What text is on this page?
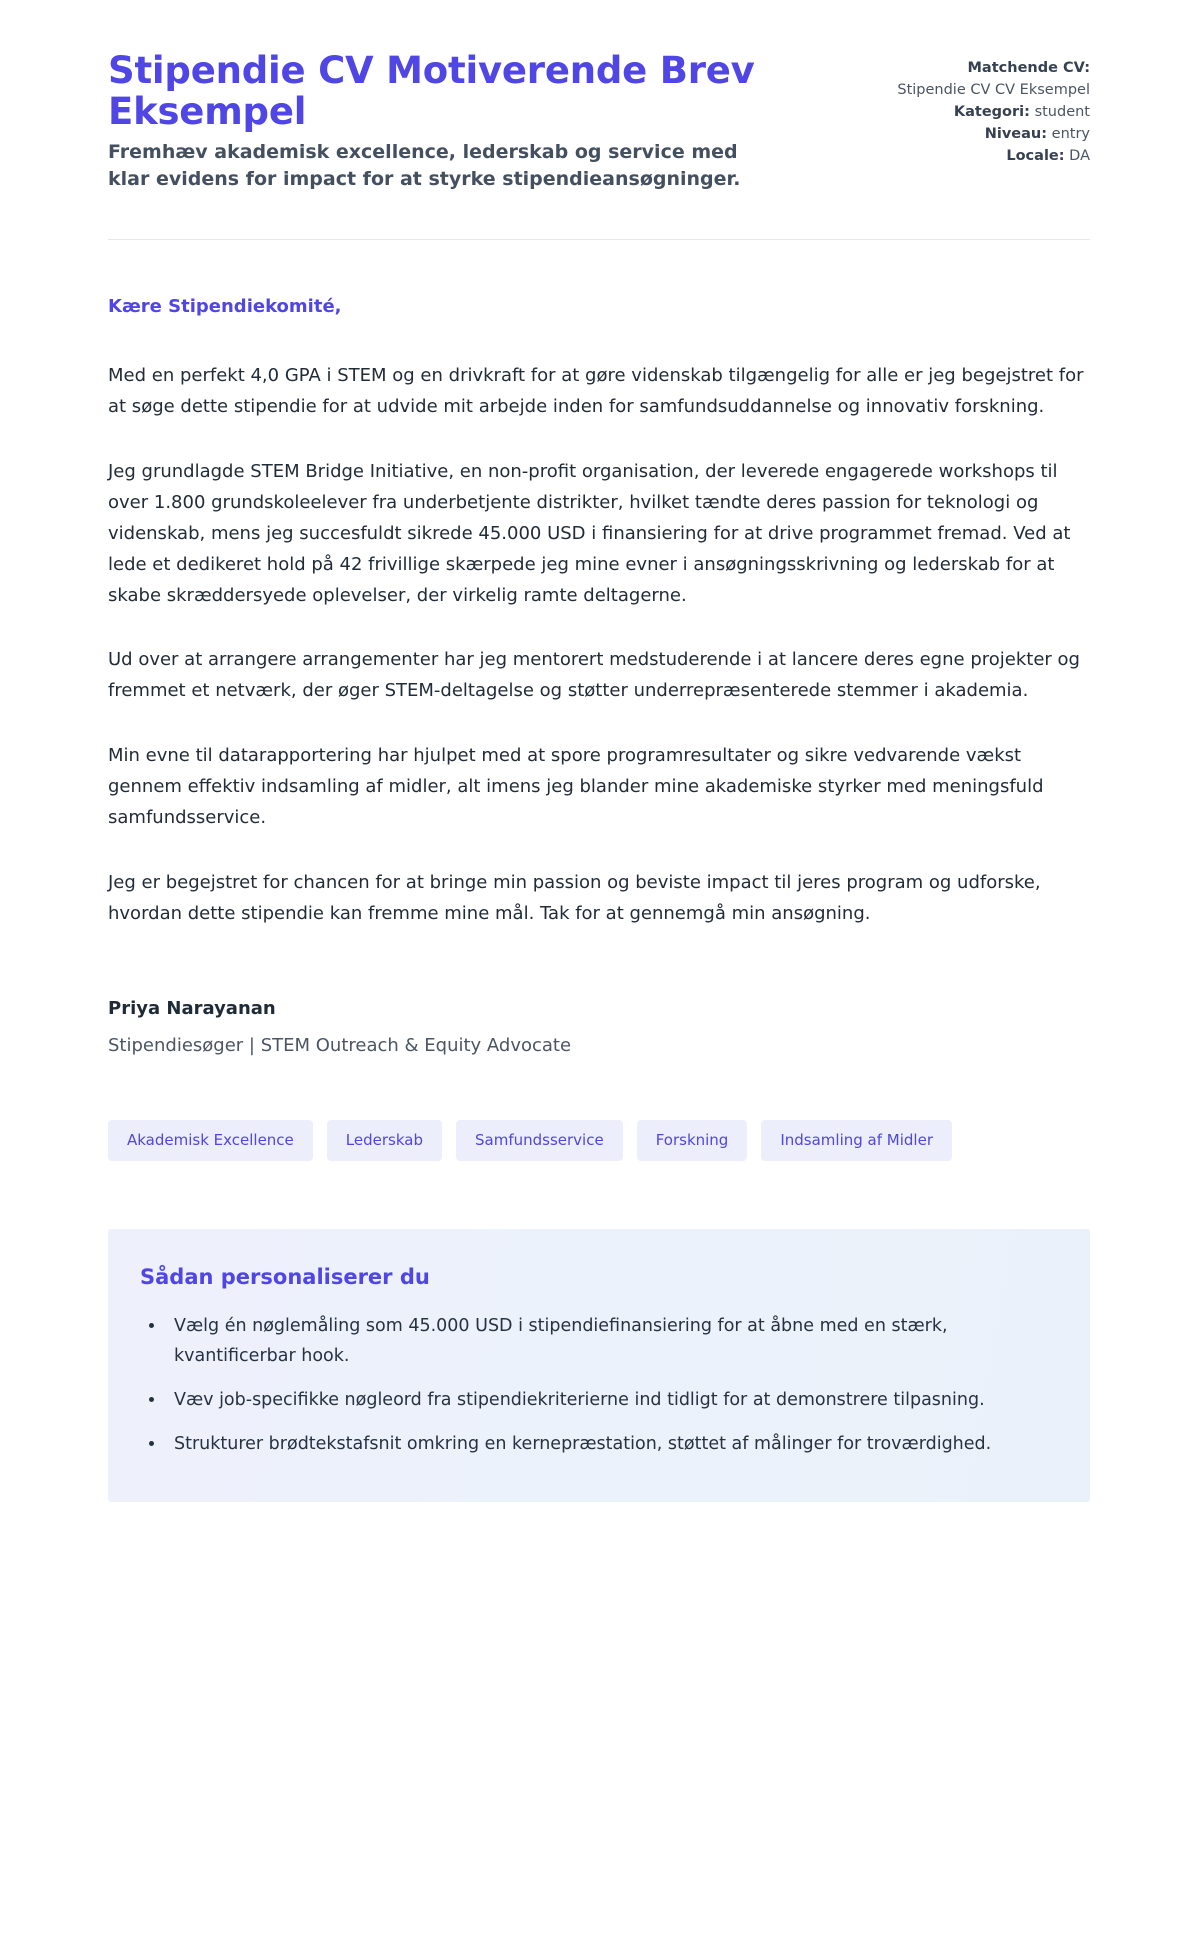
Stipendie CV Motiverende Brev Eksempel

Fremhæv akademisk excellence, lederskab og service med klar evidens for impact for at styrke stipendieansøgninger.

Matchende CV:
Stipendie CV CV Eksempel
Kategori: student
Niveau: entry
Locale: DA

Kære Stipendiekomité,

Med en perfekt 4,0 GPA i STEM og en drivkraft for at gøre videnskab tilgængelig for alle er jeg begejstret for at søge dette stipendie for at udvide mit arbejde inden for samfundsuddannelse og innovativ forskning.

Jeg grundlagde STEM Bridge Initiative, en non-profit organisation, der leverede engagerede workshops til over 1.800 grundskoleelever fra underbetjente distrikter, hvilket tændte deres passion for teknologi og videnskab, mens jeg succesfuldt sikrede 45.000 USD i finansiering for at drive programmet fremad. Ved at lede et dedikeret hold på 42 frivillige skærpede jeg mine evner i ansøgningsskrivning og lederskab for at skabe skræddersyede oplevelser, der virkelig ramte deltagerne.

Ud over at arrangere arrangementer har jeg mentorert medstuderende i at lancere deres egne projekter og fremmet et netværk, der øger STEM-deltagelse og støtter underrepræsenterede stemmer i akademia.

Min evne til datarapportering har hjulpet med at spore programresultater og sikre vedvarende vækst gennem effektiv indsamling af midler, alt imens jeg blander mine akademiske styrker med meningsfuld samfundsservice.

Jeg er begejstret for chancen for at bringe min passion og beviste impact til jeres program og udforske, hvordan dette stipendie kan fremme mine mål. Tak for at gennemgå min ansøgning.

Priya Narayanan

Stipendiesøger | STEM Outreach & Equity Advocate

Akademisk Excellence	Lederskab	Samfundsservice	Forskning	Indsamling af Midler
Sådan personaliserer du
• Vælg én nøglemåling som 45.000 USD i stipendiefinansiering for at åbne med en stærk, kvantificerbar hook.
• Væv job-specifikke nøgleord fra stipendiekriterierne ind tidligt for at demonstrere tilpasning.
• Strukturer brødtekstafsnit omkring en kernepræstation, støttet af målinger for troværdighed.
